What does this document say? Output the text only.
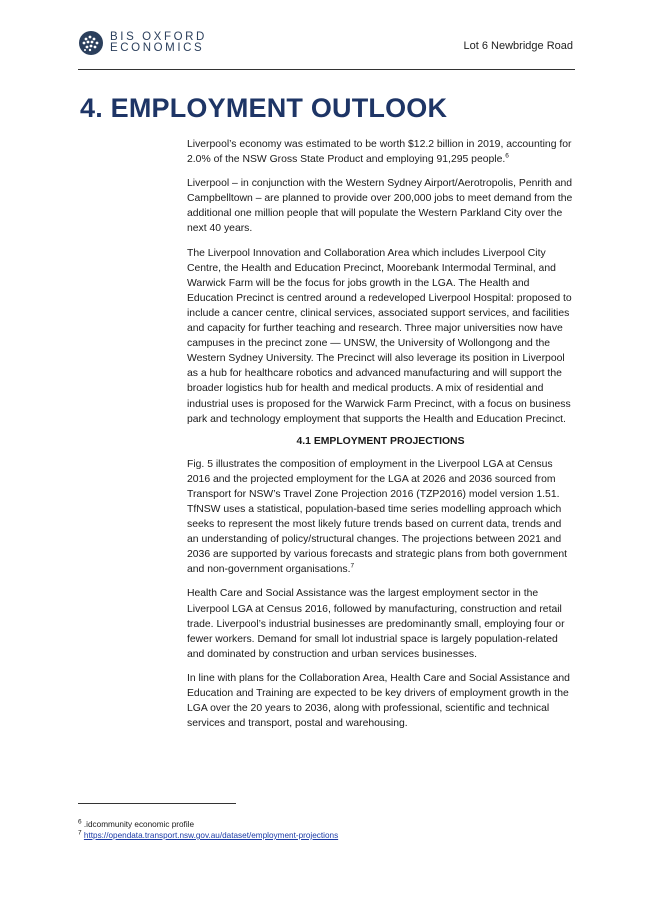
BIS OXFORD
ECONOMICS	Lot 6 Newbridge Road
4. EMPLOYMENT OUTLOOK

Liverpool’s economy was estimated to be worth $12.2 billion in 2019, accounting for 2.0% of the NSW Gross State Product and employing 91,295 people.$^6$

Liverpool – in conjunction with the Western Sydney Airport/Aerotropolis, Penrith and Campbelltown – are planned to provide over 200,000 jobs to meet demand from the additional one million people that will populate the Western Parkland City over the next 40 years.

The Liverpool Innovation and Collaboration Area which includes Liverpool City Centre, the Health and Education Precinct, Moorebank Intermodal Terminal, and Warwick Farm will be the focus for jobs growth in the LGA. The Health and Education Precinct is centred around a redeveloped Liverpool Hospital: proposed to include a cancer centre, clinical services, associated support services, and facilities and capacity for further teaching and research. Three major universities now have campuses in the precinct zone — UNSW, the University of Wollongong and the Western Sydney University. The Precinct will also leverage its position in Liverpool as a hub for healthcare robotics and advanced manufacturing and will support the broader logistics hub for health and medical products. A mix of residential and industrial uses is proposed for the Warwick Farm Precinct, with a focus on business park and technology employment that supports the Health and Education Precinct.

4.1 EMPLOYMENT PROJECTIONS

Fig. 5 illustrates the composition of employment in the Liverpool LGA at Census 2016 and the projected employment for the LGA at 2026 and 2036 sourced from Transport for NSW’s Travel Zone Projection 2016 (TZP2016) model version 1.51. TfNSW uses a statistical, population-based time series modelling approach which seeks to represent the most likely future trends based on current data, trends and an understanding of policy/structural changes. The projections between 2021 and 2036 are supported by various forecasts and strategic plans from both government and non-government organisations.$^7$

Health Care and Social Assistance was the largest employment sector in the Liverpool LGA at Census 2016, followed by manufacturing, construction and retail trade. Liverpool’s industrial businesses are predominantly small, employing four or fewer workers. Demand for small lot industrial space is largely population-related and dominated by construction and urban services businesses.

In line with plans for the Collaboration Area, Health Care and Social Assistance and Education and Training are expected to be key drivers of employment growth in the LGA over the 20 years to 2036, along with professional, scientific and technical services and transport, postal and warehousing.

$^6$ .idcommunity economic profile
$^7$ https://opendata.transport.nsw.gov.au/dataset/employment-projections
